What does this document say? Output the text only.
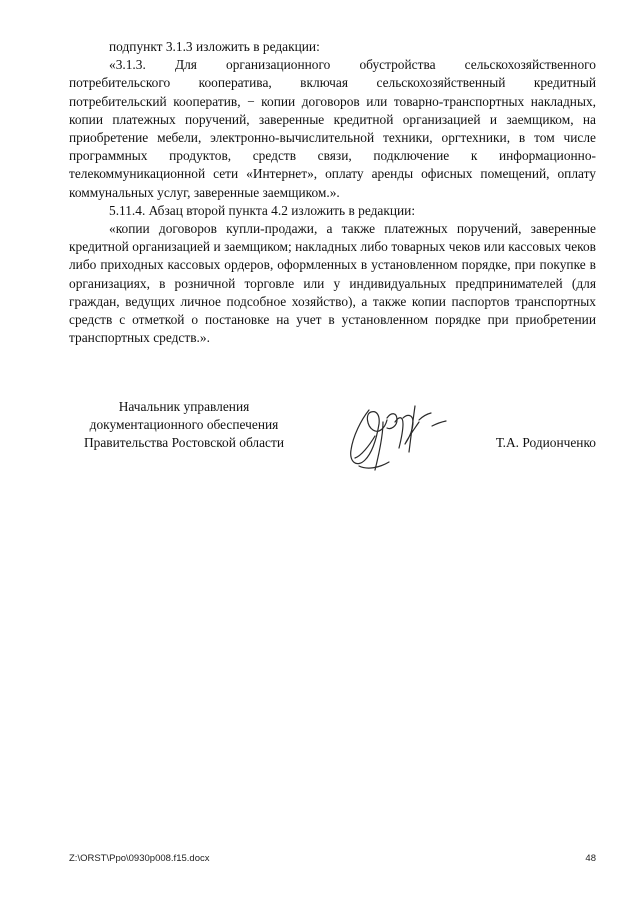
подпункт 3.1.3 изложить в редакции:

«3.1.3. Для организационного обустройства сельскохозяйственного потребительского кооператива, включая сельскохозяйственный кредитный потребительский кооператив, − копии договоров или товарно-транспортных накладных, копии платежных поручений, заверенные кредитной организацией и заемщиком, на приобретение мебели, электронно-вычислительной техники, оргтехники, в том числе программных продуктов, средств связи, подключение к информационно-телекоммуникационной сети «Интернет», оплату аренды офисных помещений, оплату коммунальных услуг, заверенные заемщиком.».

5.11.4. Абзац второй пункта 4.2 изложить в редакции:

«копии договоров купли-продажи, а также платежных поручений, заверенные кредитной организацией и заемщиком; накладных либо товарных чеков или кассовых чеков либо приходных кассовых ордеров, оформленных в установленном порядке, при покупке в организациях, в розничной торговле или у индивидуальных предпринимателей (для граждан, ведущих личное подсобное хозяйство), а также копии паспортов транспортных средств с отметкой о постановке на учет в установленном порядке при приобретении транспортных средств.».

Начальник управления
документационного обеспечения
Правительства Ростовской области	Т.А. Родионченко
Z:\ORST\Ppo\0930p008.f15.docx	48
